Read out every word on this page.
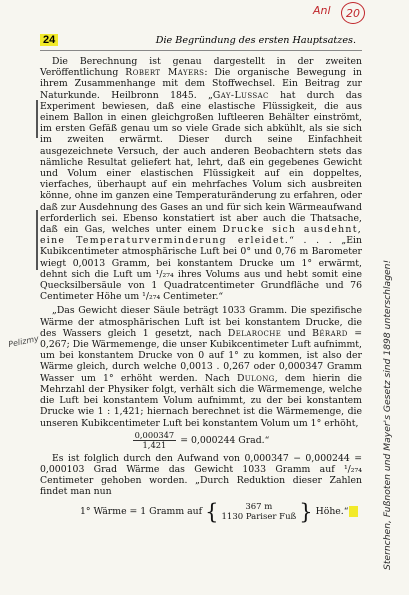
Anl	20
24	Die Begründung des ersten Hauptsatzes.
Pelizmy

Die Berechnung ist genau dargestellt in der zweiten Veröffentlichung Robert Mayers: Die organische Bewegung in ihrem Zusammenhange mit dem Stoffwechsel. Ein Beitrag zur Naturkunde. Heilbronn 1845. „Gay-Lussac hat durch das Experiment bewiesen, daß eine elastische Flüssigkeit, die aus einem Ballon in einen gleichgroßen luftleeren Behälter einströmt, im ersten Gefäß genau um so viele Grade sich abkühlt, als sie sich im zweiten erwärmt. Dieser durch seine Einfachheit ausgezeichnete Versuch, der auch anderen Beobachtern stets das nämliche Resultat geliefert hat, lehrt, daß ein gegebenes Gewicht und Volum einer elastischen Flüssigkeit auf ein doppeltes, vierfaches, überhaupt auf ein mehrfaches Volum sich ausbreiten könne, ohne im ganzen eine Temperaturänderung zu erfahren, oder daß zur Ausdehnung des Gases an und für sich kein Wärmeaufwand erforderlich sei. Ebenso konstatiert ist aber auch die Thatsache, daß ein Gas, welches unter einem Drucke sich ausdehnt, eine Temperaturverminderung erleidet.“ . . . „Ein Kubikcentimeter atmosphärische Luft bei 0° und 0,76 m Barometer wiegt 0,0013 Gramm, bei konstantem Drucke um 1° erwärmt, dehnt sich die Luft um ¹/₂₇₄ ihres Volums aus und hebt somit eine Quecksilbersäule von 1 Quadratcentimeter Grundfläche und 76 Centimeter Höhe um ¹/₂₇₄ Centimeter.“

„Das Gewicht dieser Säule beträgt 1033 Gramm. Die spezifische Wärme der atmosphärischen Luft ist bei konstantem Drucke, die des Wassers gleich 1 gesetzt, nach Delaroche und Bérard = 0,267; Die Wärmemenge, die unser Kubikcentimeter Luft aufnimmt, um bei konstantem Drucke von 0 auf 1° zu kommen, ist also der Wärme gleich, durch welche 0,0013 . 0,267 oder 0,000347 Gramm Wasser um 1° erhöht werden. Nach Dulong, dem hierin die Mehrzahl der Physiker folgt, verhält sich die Wärmemenge, welche die Luft bei konstantem Volum aufnimmt, zu der bei konstantem Drucke wie 1 : 1,421; hiernach berechnet ist die Wärmemenge, die unseren Kubikcentimeter Luft bei konstantem Volum um 1° erhöht,

$\frac{0,000347}{1,421} = 0,000244$ Grad.“

Es ist folglich durch den Aufwand von 0,000347 − 0,000244 = 0,000103 Grad Wärme das Gewicht 1033 Gramm auf ¹/₂₇₄ Centimeter gehoben worden. „Durch Reduktion dieser Zahlen findet man nun

1° Wärme = 1 Gramm auf {	367 m
1130 Pariser Fuß } Höhe.“
	Sternchen, Fußnoten und Mayer's Gesetz sind 1898 unterschlagen!
